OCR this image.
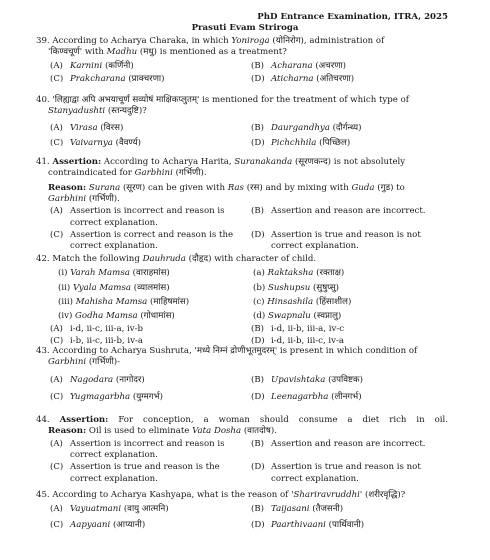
PhD Entrance Examination, ITRA, 2025
Prasuti Evam Striroga
39. According to Acharya Charaka, in which Yoniroga (योनिरोग), administration of
'किण्वचूर्ण' with Madhu (मधु) is mentioned as a treatment?
(A) Karnini (कर्णिनी)	(B) Acharana (अचरणा)
(C) Prakcharana (प्राक्चरणा)	(D) Aticharna (अतिचरणा)
40. 'लिह्याद्वा अपि अभयाचूर्णं सव्योषं माक्षिकप्लुतम्' is mentioned for the treatment of which type of
Stanyadushti (स्तन्यदुष्टि)?
(A) Virasa (विरस)	(B) Daurgandhya (दौर्गन्ध्य)
(C) Vaivarnya (वैवर्ण्य)	(D) Pichchhila (पिच्छिल)
41. Assertion: According to Acharya Harita, Suranakanda (सूरणकन्द) is not absolutely
contraindicated for Garbhini (गर्भिणी).
Reason: Surana (सूरण) can be given with Ras (रस) and by mixing with Guda (गुड) to
Garbhini (गर्भिणी).
(A) Assertion is incorrect and reason is correct explanation.
(B) Assertion and reason are incorrect.
(C) Assertion is correct and reason is the correct explanation.
(D) Assertion is true and reason is not correct explanation.
42. Match the following Dauhruda (दौहृद) with character of child.
(i) Varah Mamsa (वाराहमांस)	(a) Raktaksha (रक्ताक्ष)
(ii) Vyala Mamsa (व्यालमांस)	(b) Sushupsu (सुषुप्सु)
(iii) Mahisha Mamsa (माहिषमांस)	(c) Hinsashila (हिंसाशील)
(iv) Godha Mamsa (गोधामांस)	(d) Swapnalu (स्वप्नालु)
(A) i-d, ii-c, iii-a, iv-b	(B) i-d, ii-b, iii-a, iv-c
(C) i-b, ii-c, iii-b, iv-a	(D) i-d, ii-b, iii-c, iv-a
43. According to Acharya Sushruta, 'मध्ये निम्नं द्रोणीभूतमुदरम्' is present in which condition of
Garbhini (गर्भिणी)-
(A) Nagodara (नागोदर)	(B) Upavishtaka (उपविष्टक)
(C) Yugmagarbha (युग्मगर्भ)	(D) Leenagarbha (लीनगर्भ)
44. Assertion: For conception, a woman should consume a diet rich in oil.
Reason: Oil is used to eliminate Vata Dosha (वातदोष).
(A) Assertion is incorrect and reason is correct explanation.
(B) Assertion and reason are incorrect.
(C) Assertion is true and reason is the correct explanation.
(D) Assertion is true and reason is not correct explanation.
45. According to Acharya Kashyapa, what is the reason of 'Shariravruddhi' (शरीरवृद्धि)?
(A) Vayuatmani (वायु आत्मनि)	(B) Taijasani (तैजसनी)
(C) Aapyaani (आप्यानी)	(D) Paarthivaani (पार्थिवानी)
